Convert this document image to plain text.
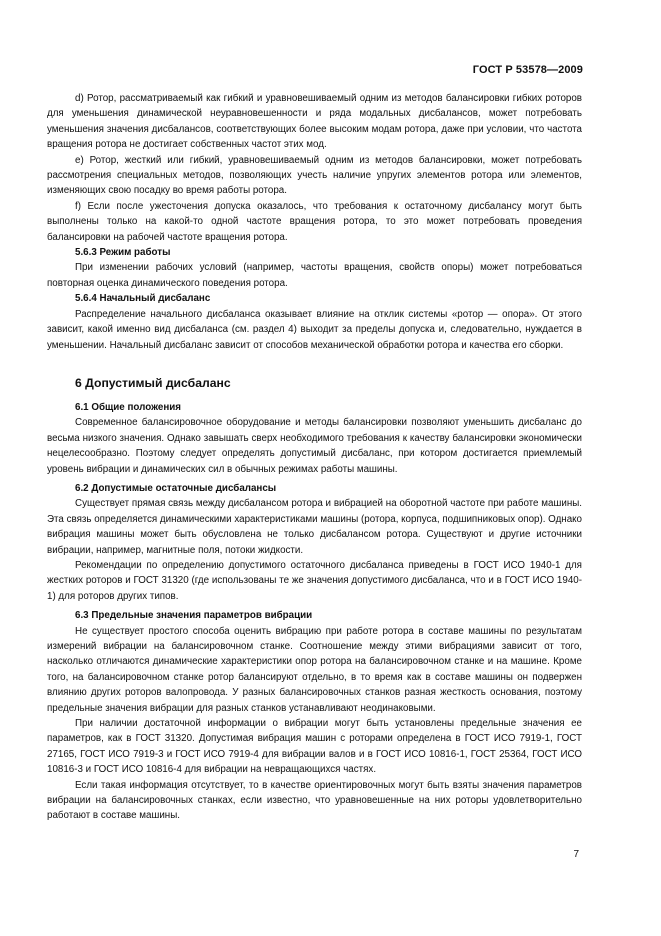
ГОСТ Р 53578—2009
d) Ротор, рассматриваемый как гибкий и уравновешиваемый одним из методов балансировки гибких роторов для уменьшения динамической неуравновешенности и ряда модальных дисбалансов, может потребовать уменьшения значения дисбалансов, соответствующих более высоким модам ротора, даже при условии, что частота вращения ротора не достигает собственных частот этих мод.
e) Ротор, жесткий или гибкий, уравновешиваемый одним из методов балансировки, может потребовать рассмотрения специальных методов, позволяющих учесть наличие упругих элементов ротора или элементов, изменяющих свою посадку во время работы ротора.
f) Если после ужесточения допуска оказалось, что требования к остаточному дисбалансу могут быть выполнены только на какой-то одной частоте вращения ротора, то это может потребовать проведения балансировки на рабочей частоте вращения ротора.
5.6.3 Режим работы
При изменении рабочих условий (например, частоты вращения, свойств опоры) может потребоваться повторная оценка динамического поведения ротора.
5.6.4 Начальный дисбаланс
Распределение начального дисбаланса оказывает влияние на отклик системы «ротор — опора». От этого зависит, какой именно вид дисбаланса (см. раздел 4) выходит за пределы допуска и, следовательно, нуждается в уменьшении. Начальный дисбаланс зависит от способов механической обработки ротора и качества его сборки.
6 Допустимый дисбаланс
6.1 Общие положения
Современное балансировочное оборудование и методы балансировки позволяют уменьшить дисбаланс до весьма низкого значения. Однако завышать сверх необходимого требования к качеству балансировки экономически нецелесообразно. Поэтому следует определять допустимый дисбаланс, при котором достигается приемлемый уровень вибрации и динамических сил в обычных режимах работы машины.
6.2 Допустимые остаточные дисбалансы
Существует прямая связь между дисбалансом ротора и вибрацией на оборотной частоте при работе машины. Эта связь определяется динамическими характеристиками машины (ротора, корпуса, подшипниковых опор). Однако вибрация машины может быть обусловлена не только дисбалансом ротора. Существуют и другие источники вибрации, например, магнитные поля, потоки жидкости.
Рекомендации по определению допустимого остаточного дисбаланса приведены в ГОСТ ИСО 1940-1 для жестких роторов и ГОСТ 31320 (где использованы те же значения допустимого дисбаланса, что и в ГОСТ ИСО 1940-1) для роторов других типов.
6.3 Предельные значения параметров вибрации
Не существует простого способа оценить вибрацию при работе ротора в составе машины по результатам измерений вибрации на балансировочном станке. Соотношение между этими вибрациями зависит от того, насколько отличаются динамические характеристики опор ротора на балансировочном станке и на машине. Кроме того, на балансировочном станке ротор балансируют отдельно, в то время как в составе машины он подвержен влиянию других роторов валопровода. У разных балансировочных станков разная жесткость основания, поэтому предельные значения вибрации для разных станков устанавливают неодинаковыми.
При наличии достаточной информации о вибрации могут быть установлены предельные значения ее параметров, как в ГОСТ 31320. Допустимая вибрация машин с роторами определена в ГОСТ ИСО 7919-1, ГОСТ 27165, ГОСТ ИСО 7919-3 и ГОСТ ИСО 7919-4 для вибрации валов и в ГОСТ ИСО 10816-1, ГОСТ 25364, ГОСТ ИСО 10816-3 и ГОСТ ИСО 10816-4 для вибрации на невращающихся частях.
Если такая информация отсутствует, то в качестве ориентировочных могут быть взяты значения параметров вибрации на балансировочных станках, если известно, что уравновешенные на них роторы удовлетворительно работают в составе машины.
7
